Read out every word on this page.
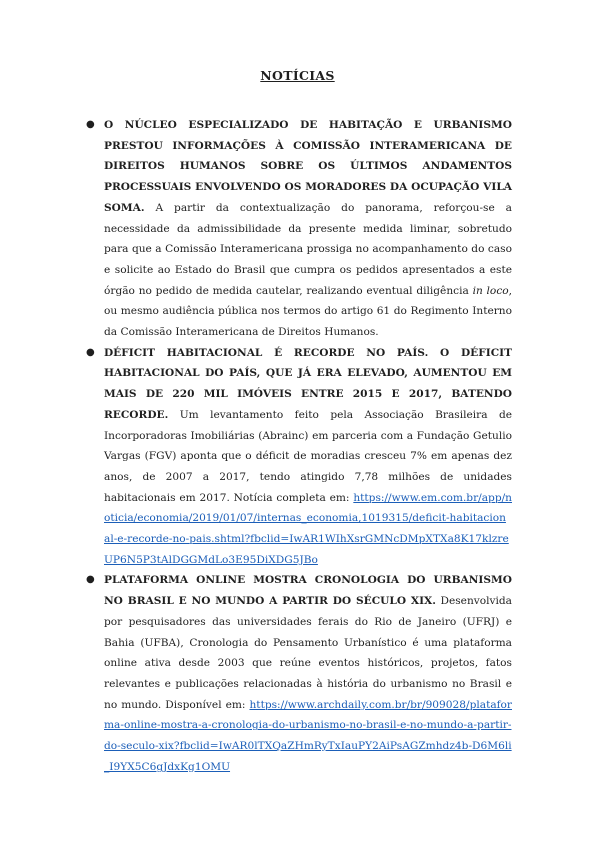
NOTÍCIAS
● O NÚCLEO ESPECIALIZADO DE HABITAÇÃO E URBANISMO PRESTOU INFORMAÇÕES À COMISSÃO INTERAMERICANA DE DIREITOS HUMANOS SOBRE OS ÚLTIMOS ANDAMENTOS PROCESSUAIS ENVOLVENDO OS MORADORES DA OCUPAÇÃO VILA SOMA. A partir da contextualização do panorama, reforçou-se a necessidade da admissibilidade da presente medida liminar, sobretudo para que a Comissão Interamericana prossiga no acompanhamento do caso e solicite ao Estado do Brasil que cumpra os pedidos apresentados a este órgão no pedido de medida cautelar, realizando eventual diligência in loco, ou mesmo audiência pública nos termos do artigo 61 do Regimento Interno da Comissão Interamericana de Direitos Humanos.
● DÉFICIT HABITACIONAL É RECORDE NO PAÍS. O DÉFICIT HABITACIONAL DO PAÍS, QUE JÁ ERA ELEVADO, AUMENTOU EM MAIS DE 220 MIL IMÓVEIS ENTRE 2015 E 2017, BATENDO RECORDE. Um levantamento feito pela Associação Brasileira de Incorporadoras Imobiliárias (Abrainc) em parceria com a Fundação Getulio Vargas (FGV) aponta que o déficit de moradias cresceu 7% em apenas dez anos, de 2007 a 2017, tendo atingido 7,78 milhões de unidades habitacionais em 2017. Notícia completa em: https://www.em.com.br/app/noticia/economia/2019/01/07/internas_economia,1019315/deficit-habitacional-e-recorde-no-pais.shtml?fbclid=IwAR1WIhXsrGMNcDMpXTXa8K17klzreUP6N5P3tAlDGGMdLo3E95DiXDG5JBo
● PLATAFORMA ONLINE MOSTRA CRONOLOGIA DO URBANISMO NO BRASIL E NO MUNDO A PARTIR DO SÉCULO XIX. Desenvolvida por pesquisadores das universidades ferais do Rio de Janeiro (UFRJ) e Bahia (UFBA), Cronologia do Pensamento Urbanístico é uma plataforma online ativa desde 2003 que reúne eventos históricos, projetos, fatos relevantes e publicações relacionadas à história do urbanismo no Brasil e no mundo. Disponível em: https://www.archdaily.com.br/br/909028/plataforma-online-mostra-a-cronologia-do-urbanismo-no-brasil-e-no-mundo-a-partir-do-seculo-xix?fbclid=IwAR0lTXQaZHmRyTxIauPY2AiPsAGZmhdz4b-D6M6li_I9YX5C6gJdxKg1OMU
